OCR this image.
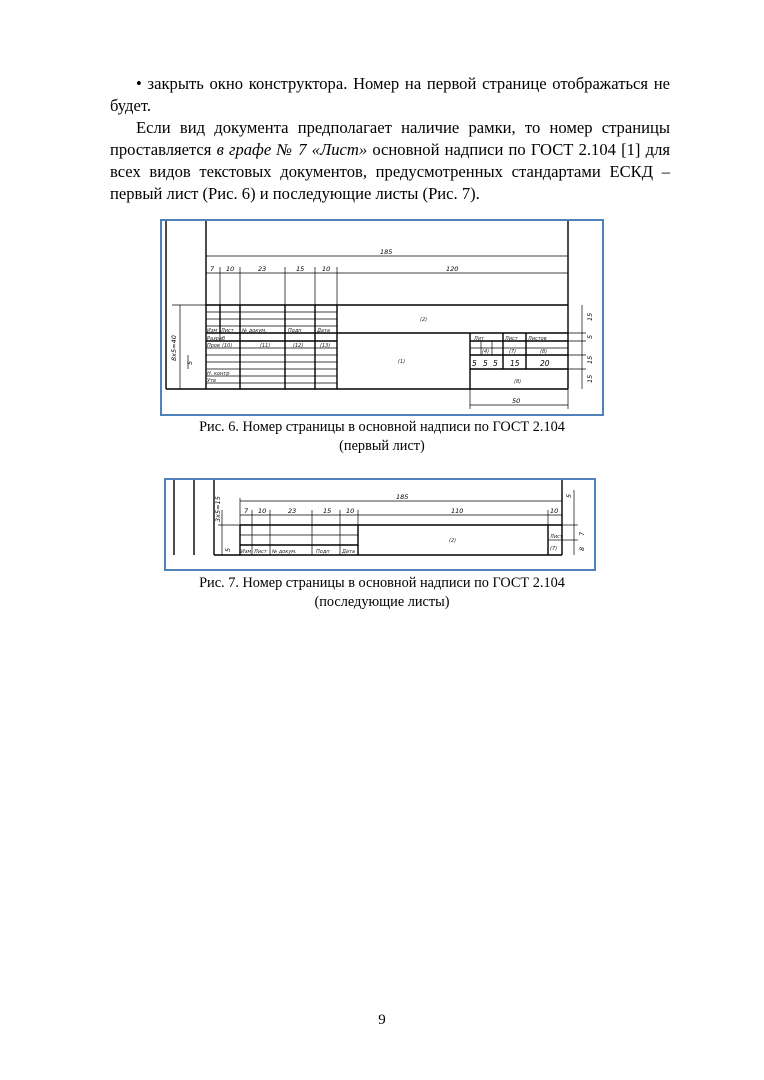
• закрыть окно конструктора. Номер на первой странице отображаться не будет.

Если вид документа предполагает наличие рамки, то номер страницы проставляется в графе № 7 «Лист» основной надписи по ГОСТ 2.104 [1] для всех видов текстовых документов, предусмотренных стандартами ЕСКД – первый лист (Рис. 6) и последующие листы (Рис. 7).

185
7 10	23	15	10	120
8х5=40
5
15
5
15
15
50
Изм Лист № докум.	Подп	Дата
Разраб
Пров
Н. контр
Утв
Лит	Лист Листов
(2)
(1)
(8)
(4)	(7)	(8)
(10)	(11)	(12)	(13)
5 5 5 15	20
Рис. 6. Номер страницы в основной надписи по ГОСТ 2.104
(первый лист)
185
7 10	23	15 10	110	10
3х5=15
5
5
7
8
Изм Лист № докум.	Подп Дата
Лист
(2)
(7)
Рис. 7. Номер страницы в основной надписи по ГОСТ 2.104
(последующие листы)
9
